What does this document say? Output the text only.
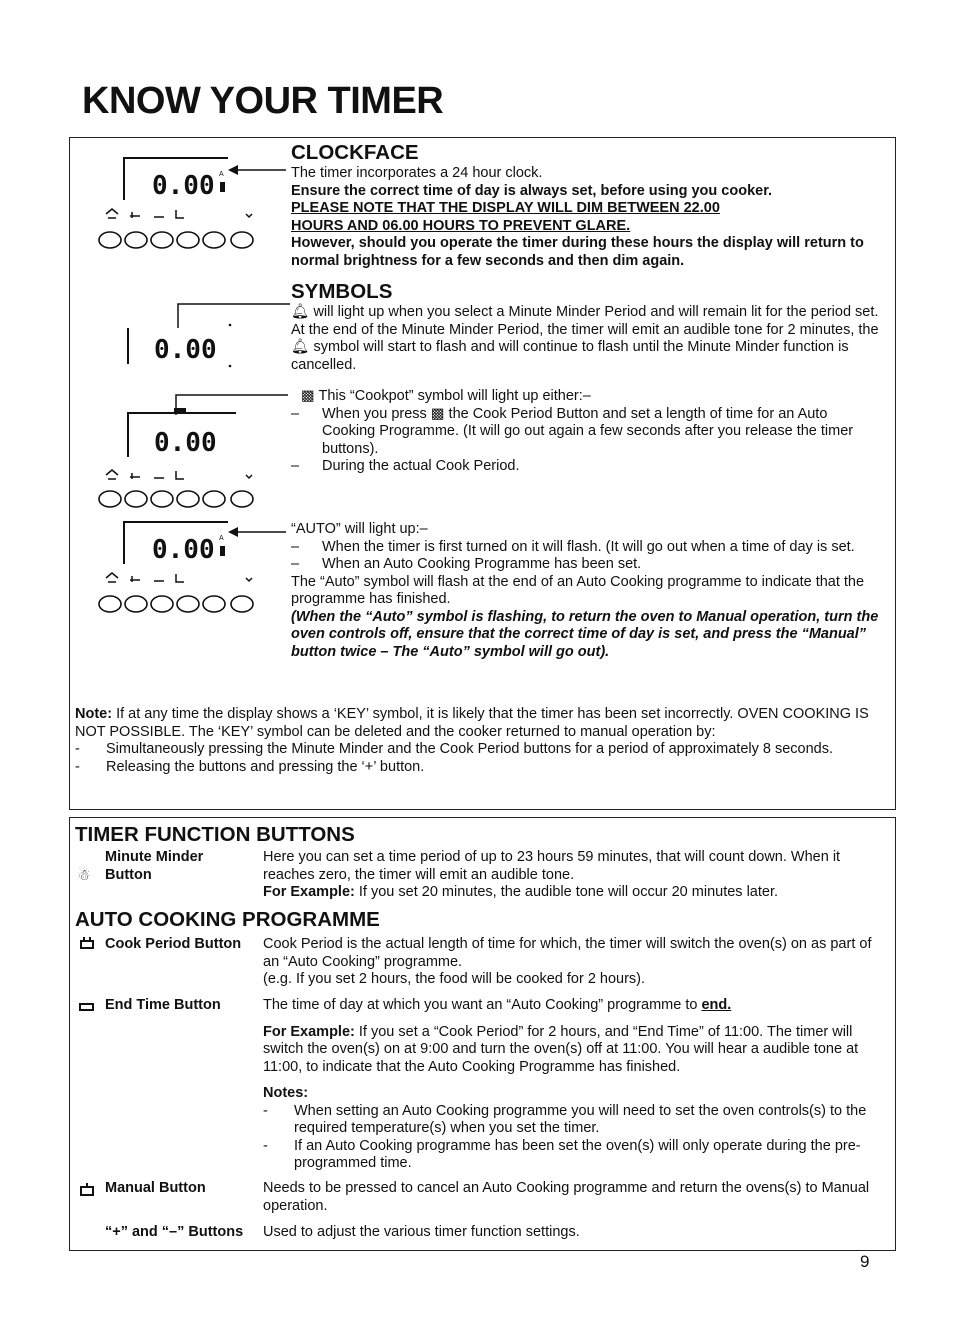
KNOW YOUR TIMER
0.00 A
0.00
0.00
0.00 A
CLOCKFACE

The timer incorporates a 24 hour clock.

Ensure the correct time of day is always set, before using you cooker.

PLEASE NOTE THAT THE DISPLAY WILL DIM BETWEEN 22.00

HOURS AND 06.00 HOURS TO PREVENT GLARE.

However, should you operate the timer during these hours the display will return to normal brightness for a few seconds and then dim again.

SYMBOLS

🔔︎ will light up when you select a Minute Minder Period and will remain lit for the period set. At the end of the Minute Minder Period, the timer will emit an audible tone for 2 minutes, the🔔︎ symbol will start to flash and will continue to flash until the Minute Minder function is cancelled.

▩ This “Cookpot” symbol will light up either:–

– When you press ▩ the Cook Period Button and set a length of time for an Auto Cooking Programme. (It will go out again a few seconds after you release the timer buttons).
– During the actual Cook Period.

“AUTO” will light up:–

– When the timer is first turned on it will flash. (It will go out when a time of day is set.
– When an Auto Cooking Programme has been set.

The “Auto” symbol will flash at the end of an Auto Cooking programme to indicate that the programme has finished.

(When the “Auto” symbol is flashing, to return the oven to Manual operation, turn the oven controls off, ensure that the correct time of day is set, and press the “Manual” button twice – The “Auto” symbol will go out).

Note: If at any time the display shows a ‘KEY’ symbol, it is likely that the timer has been set incorrectly. OVEN COOKING IS NOT POSSIBLE. The ‘KEY’ symbol can be deleted and the cooker returned to manual operation by:

- Simultaneously pressing the Minute Minder and the Cook Period buttons for a period of approximately 8 seconds.
- Releasing the buttons and pressing the ‘+’ button.
TIMER FUNCTION BUTTONS
☃︎
Minute Minder Button

Here you can set a time period of up to 23 hours 59 minutes, that will count down. When it reaches zero, the timer will emit an audible tone.

For Example: If you set 20 minutes, the audible tone will occur 20 minutes later.

AUTO COOKING PROGRAMME
Cook Period Button Cook Period is the actual length of time for which, the timer will switch the oven(s) on as part of an “Auto Cooking” programme.

(e.g. If you set 2 hours, the food will be cooked for 2 hours).

End Time Button	The time of day at which you want an “Auto Cooking” programme to end.

For Example: If you set a “Cook Period” for 2 hours, and “End Time” of 11:00. The timer will switch the oven(s) on at 9:00 and turn the oven(s) off at 11:00. You will hear a audible tone at 11:00, to indicate that the Auto Cooking Programme has finished.

Notes:

- When setting an Auto Cooking programme you will need to set the oven controls(s) to the required temperature(s) when you set the timer.
- If an Auto Cooking programme has been set the oven(s) will only operate during the pre-programmed time.
Manual Button	Needs to be pressed to cancel an Auto Cooking programme and return the ovens(s) to Manual operation.
“+” and “–” Buttons Used to adjust the various timer function settings.
9
